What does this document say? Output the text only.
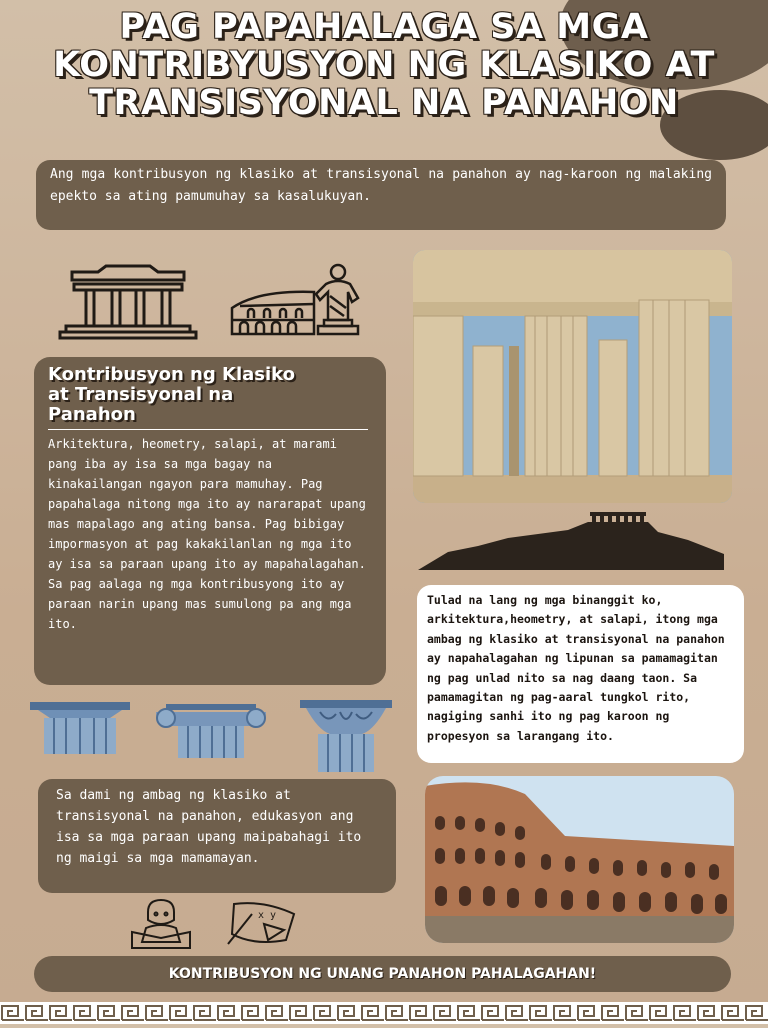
PAG PAPAHALAGA SA MGA KONTRIBYUSYON NG KLASIKO AT TRANSISYONAL NA PANAHON
Ang mga kontribusyon ng klasiko at transisyonal na panahon ay nag-karoon ng malaking epekto sa ating pamumuhay sa kasalukuyan.
Kontribusyon ng Klasiko at Transisyonal na Panahon

Arkitektura, heometry, salapi, at marami pang iba ay isa sa mga bagay na kinakailangan ngayon para mamuhay. Pag papahalaga nitong mga ito ay nararapat upang mas mapalago ang ating bansa. Pag bibigay impormasyon at pag kakakilanlan ng mga ito ay isa sa paraan upang ito ay mapahalagahan. Sa pag aalaga ng mga kontribusyong ito ay paraan narin upang mas sumulong pa ang mga ito.

Tulad na lang ng mga binanggit ko, arkitektura,heometry, at salapi, itong mga ambag ng klasiko at transisyonal na panahon ay napahalagahan ng lipunan sa pamamagitan ng pag unlad nito sa nag daang taon. Sa pamamagitan ng pag-aaral tungkol rito, nagiging sanhi ito ng pag karoon ng propesyon sa larangang ito.
Sa dami ng ambag ng klasiko at transisyonal na panahon, edukasyon ang isa sa mga paraan upang maipabahagi ito ng maigi sa mga mamamayan.
x y
KONTRIBUSYON NG UNANG PANAHON PAHALAGAHAN!
